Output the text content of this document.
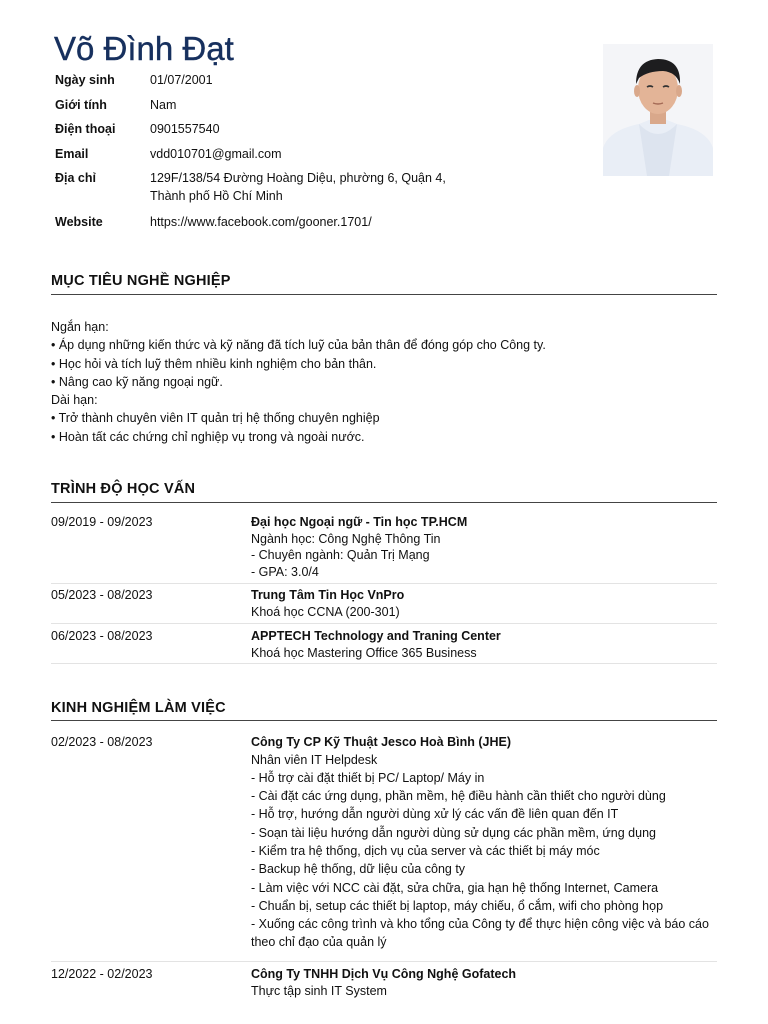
Võ Đình Đạt
Ngày sinh	01/07/2001
Giới tính	Nam
Điện thoại	0901557540
Email	vdd010701@gmail.com
Địa chỉ	129F/138/54 Đường Hoàng Diệu, phường 6, Quận 4,
Thành phố Hồ Chí Minh
Website	https://www.facebook.com/gooner.1701/
MỤC TIÊU NGHỀ NGHIỆP
Ngắn hạn:
• Áp dụng những kiến thức và kỹ năng đã tích luỹ của bản thân để đóng góp cho Công ty.
• Học hỏi và tích luỹ thêm nhiều kinh nghiệm cho bản thân.
• Nâng cao kỹ năng ngoại ngữ.
Dài hạn:
• Trở thành chuyên viên IT quản trị hệ thống chuyên nghiệp
• Hoàn tất các chứng chỉ nghiệp vụ trong và ngoài nước.
TRÌNH ĐỘ HỌC VẤN
09/2019 - 09/2023	Đại học Ngoại ngữ - Tin học TP.HCM
Ngành học: Công Nghệ Thông Tin
- Chuyên ngành: Quản Trị Mạng
- GPA: 3.0/4
05/2023 - 08/2023	Trung Tâm Tin Học VnPro
Khoá học CCNA (200-301)
06/2023 - 08/2023	APPTECH Technology and Traning Center
Khoá học Mastering Office 365 Business
KINH NGHIỆM LÀM VIỆC
02/2023 - 08/2023	Công Ty CP Kỹ Thuật Jesco Hoà Bình (JHE)
Nhân viên IT Helpdesk
- Hỗ trợ cài đặt thiết bị PC/ Laptop/ Máy in
- Cài đặt các ứng dụng, phần mềm, hệ điều hành cần thiết cho người dùng
- Hỗ trợ, hướng dẫn người dùng xử lý các vấn đề liên quan đến IT
- Soạn tài liệu hướng dẫn người dùng sử dụng các phần mềm, ứng dụng
- Kiểm tra hệ thống, dịch vụ của server và các thiết bị máy móc
- Backup hệ thống, dữ liệu của công ty
- Làm việc với NCC cài đặt, sửa chữa, gia hạn hệ thống Internet, Camera
- Chuẩn bị, setup các thiết bị laptop, máy chiếu, ổ cắm, wifi cho phòng họp
- Xuống các công trình và kho tổng của Công ty để thực hiện công việc và báo cáo
theo chỉ đạo của quản lý
12/2022 - 02/2023	Công Ty TNHH Dịch Vụ Công Nghệ Gofatech
Thực tập sinh IT System
